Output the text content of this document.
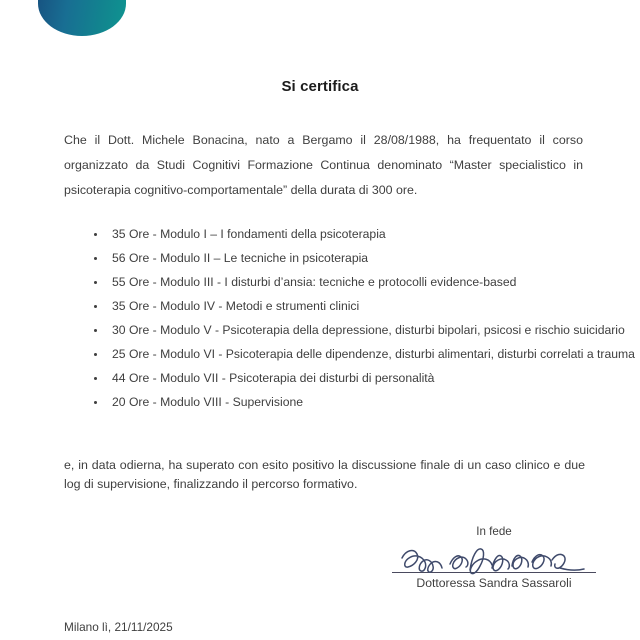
Si certifica

Che il Dott. Michele Bonacina, nato a Bergamo il 28/08/1988, ha frequentato il corso organizzato da Studi Cognitivi Formazione Continua denominato “Master specialistico in psicoterapia cognitivo-comportamentale” della durata di 300 ore.

35 Ore - Modulo I – I fondamenti della psicoterapia
56 Ore - Modulo II – Le tecniche in psicoterapia
55 Ore - Modulo III - I disturbi d’ansia: tecniche e protocolli evidence-based
35 Ore - Modulo IV - Metodi e strumenti clinici
30 Ore - Modulo V - Psicoterapia della depressione, disturbi bipolari, psicosi e rischio suicidario
25 Ore - Modulo VI - Psicoterapia delle dipendenze, disturbi alimentari, disturbi correlati a trauma
44 Ore - Modulo VII - Psicoterapia dei disturbi di personalità
20 Ore - Modulo VIII - Supervisione

e, in data odierna, ha superato con esito positivo la discussione finale di un caso clinico e due log di supervisione, finalizzando il percorso formativo.

In fede
Dottoressa Sandra Sassaroli
Milano lì, 21/11/2025
